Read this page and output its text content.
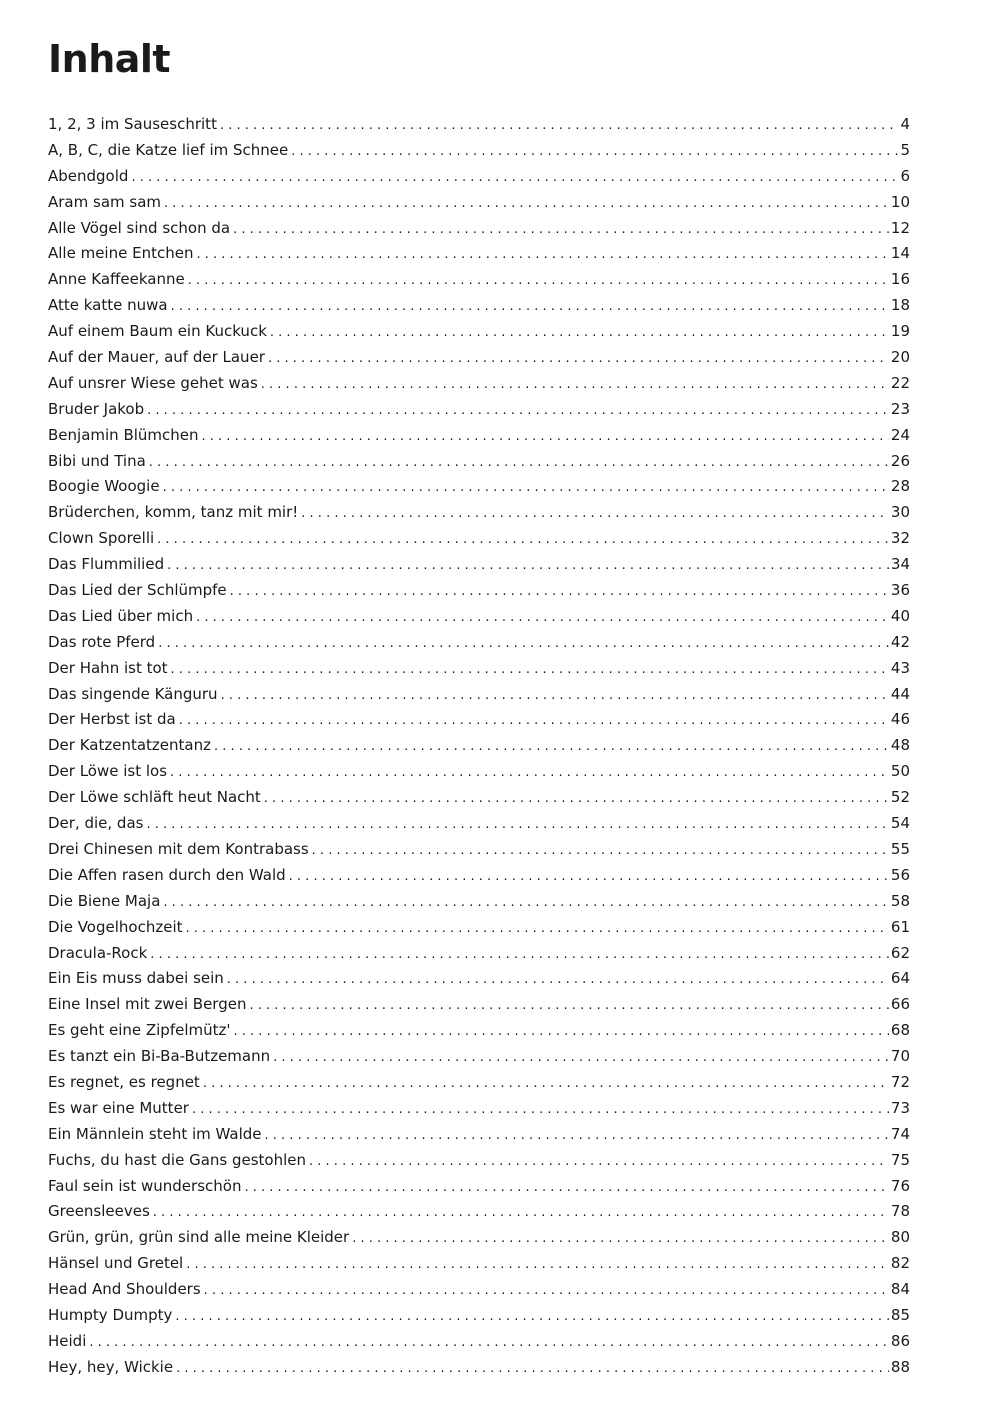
Inhalt
1, 2, 3 im Sauseschritt . . .	4
A, B, C, die Katze lief im Schnee . . .	5
Abendgold . . .	6
Aram sam sam . . .	10
Alle Vögel sind schon da . . .	12
Alle meine Entchen . . .	14
Anne Kaffeekanne . . .	16
Atte katte nuwa . . .	18
Auf einem Baum ein Kuckuck . . .	19
Auf der Mauer, auf der Lauer . . .	20
Auf unsrer Wiese gehet was . . .	22
Bruder Jakob . . .	23
Benjamin Blümchen . . .	24
Bibi und Tina . . .	26
Boogie Woogie . . .	28
Brüderchen, komm, tanz mit mir! . . .	30
Clown Sporelli . . .	32
Das Flummilied . . .	34
Das Lied der Schlümpfe . . .	36
Das Lied über mich . . .	40
Das rote Pferd . . .	42
Der Hahn ist tot . . .	43
Das singende Känguru . . .	44
Der Herbst ist da . . .	46
Der Katzentatzentanz . . .	48
Der Löwe ist los . . .	50
Der Löwe schläft heut Nacht . . .	52
Der, die, das . . .	54
Drei Chinesen mit dem Kontrabass . . .	55
Die Affen rasen durch den Wald . . .	56
Die Biene Maja . . .	58
Die Vogelhochzeit . . .	61
Dracula-Rock . . .	62
Ein Eis muss dabei sein . . .	64
Eine Insel mit zwei Bergen . . .	66
Es geht eine Zipfelmütz' . . .	68
Es tanzt ein Bi-Ba-Butzemann . . .	70
Es regnet, es regnet . . .	72
Es war eine Mutter . . .	73
Ein Männlein steht im Walde . . .	74
Fuchs, du hast die Gans gestohlen . . .	75
Faul sein ist wunderschön . . .	76
Greensleeves . . .	78
Grün, grün, grün sind alle meine Kleider . . .	80
Hänsel und Gretel . . .	82
Head And Shoulders . . .	84
Humpty Dumpty . . .	85
Heidi . . .	86
Hey, hey, Wickie . . .	88
